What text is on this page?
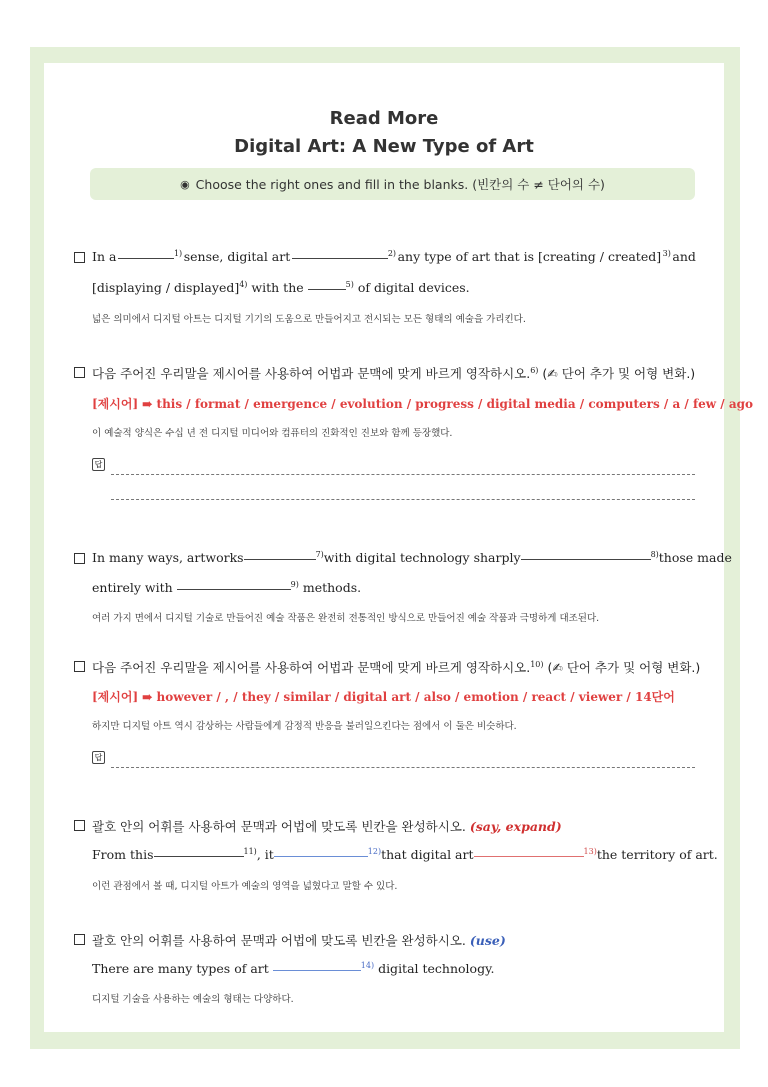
Read More
Digital Art: A New Type of Art
◉ Choose the right ones and fill in the blanks. (빈칸의 수 ≠ 단어의 수)
In a	$^{1)}$ sense, digital art	$^{2)}$ any type of art that is [creating / created] 3) and
[displaying / displayed]$^{4)}$ with the	$^{5)}$ of digital devices.
넓은 의미에서 디지털 아트는 디지털 기기의 도움으로 만들어지고 전시되는 모든 형태의 예술을 가리킨다.
다음 주어진 우리말을 제시어를 사용하여 어법과 문맥에 맞게 바르게 영작하시오.$^{6)}$ (✍ 단어 추가 및 어형 변화.)
[제시어] ➠ this / format / emergence / evolution / progress / digital media / computers / a / few / ago
이 예술적 양식은 수십 년 전 디지털 미디어와 컴퓨터의 진화적인 진보와 함께 등장했다.
답
In many ways, artworks	$^{7)}$ with digital technology sharply	$^{8)}$ those made
entirely with	$^{9)}$ methods.
여러 가지 면에서 디지털 기술로 만들어진 예술 작품은 완전히 전통적인 방식으로 만들어진 예술 작품과 극명하게 대조된다.
다음 주어진 우리말을 제시어를 사용하여 어법과 문맥에 맞게 바르게 영작하시오.$^{10)}$ (✍ 단어 추가 및 어형 변화.)
[제시어] ➠ however / , / they / similar / digital art / also / emotion / react / viewer / 14단어
하지만 디지털 아트 역시 감상하는 사람들에게 감정적 반응을 불러일으킨다는 점에서 이 둘은 비슷하다.
답
괄호 안의 어휘를 사용하여 문맥과 어법에 맞도록 빈칸을 완성하시오. (say, expand)
From this	$^{11)}$, it	$^{12)}$ that digital art	$^{13)}$ the territory of art.
이런 관점에서 볼 때, 디지털 아트가 예술의 영역을 넓혔다고 말할 수 있다.
괄호 안의 어휘를 사용하여 문맥과 어법에 맞도록 빈칸을 완성하시오. (use)
There are many types of art	$^{14)}$ digital technology.
디지털 기술을 사용하는 예술의 형태는 다양하다.
